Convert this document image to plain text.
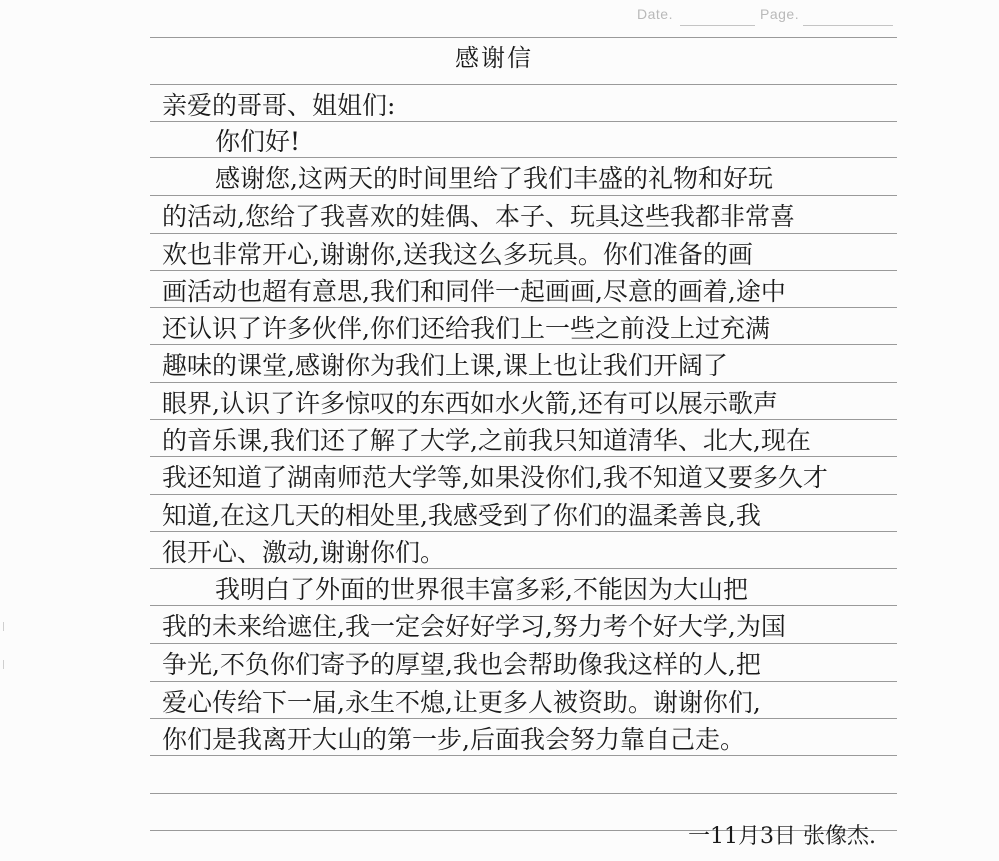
Date.	Page.
感谢信
亲爱的哥哥、姐姐们:
你们好!
感谢您,这两天的时间里给了我们丰盛的礼物和好玩
的活动,您给了我喜欢的娃偶、本子、玩具这些我都非常喜
欢也非常开心,谢谢你,送我这么多玩具。你们准备的画
画活动也超有意思,我们和同伴一起画画,尽意的画着,途中
还认识了许多伙伴,你们还给我们上一些之前没上过充满
趣味的课堂,感谢你为我们上课,课上也让我们开阔了
眼界,认识了许多惊叹的东西如水火箭,还有可以展示歌声
的音乐课,我们还了解了大学,之前我只知道清华、北大,现在
我还知道了湖南师范大学等,如果没你们,我不知道又要多久才
知道,在这几天的相处里,我感受到了你们的温柔善良,我
很开心、激动,谢谢你们。
我明白了外面的世界很丰富多彩,不能因为大山把
我的未来给遮住,我一定会好好学习,努力考个好大学,为国
争光,不负你们寄予的厚望,我也会帮助像我这样的人,把
爱心传给下一届,永生不熄,让更多人被资助。谢谢你们,
你们是我离开大山的第一步,后面我会努力靠自己走。
一11月3日 张像杰.
